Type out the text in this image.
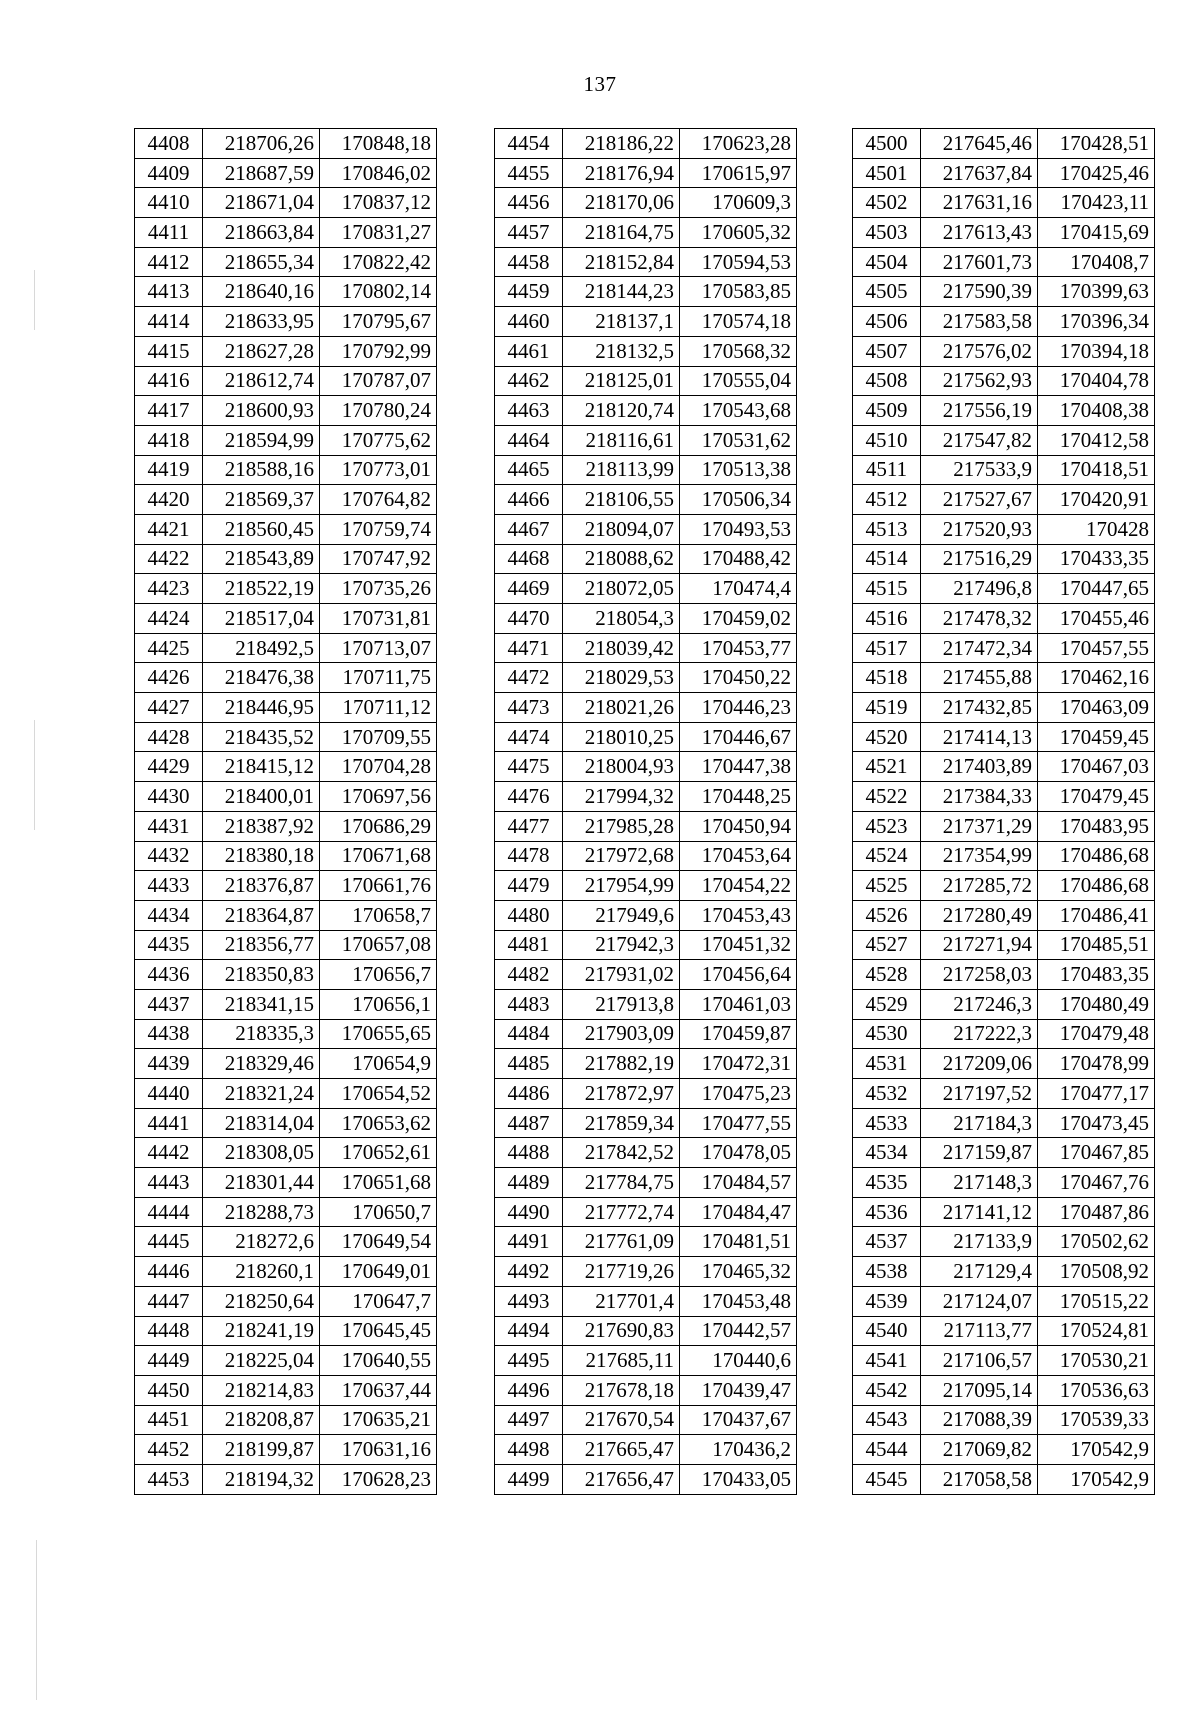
137
4408	218706,26	170848,18
4409	218687,59	170846,02
4410	218671,04	170837,12
4411	218663,84	170831,27
4412	218655,34	170822,42
4413	218640,16	170802,14
4414	218633,95	170795,67
4415	218627,28	170792,99
4416	218612,74	170787,07
4417	218600,93	170780,24
4418	218594,99	170775,62
4419	218588,16	170773,01
4420	218569,37	170764,82
4421	218560,45	170759,74
4422	218543,89	170747,92
4423	218522,19	170735,26
4424	218517,04	170731,81
4425	218492,5	170713,07
4426	218476,38	170711,75
4427	218446,95	170711,12
4428	218435,52	170709,55
4429	218415,12	170704,28
4430	218400,01	170697,56
4431	218387,92	170686,29
4432	218380,18	170671,68
4433	218376,87	170661,76
4434	218364,87	170658,7
4435	218356,77	170657,08
4436	218350,83	170656,7
4437	218341,15	170656,1
4438	218335,3	170655,65
4439	218329,46	170654,9
4440	218321,24	170654,52
4441	218314,04	170653,62
4442	218308,05	170652,61
4443	218301,44	170651,68
4444	218288,73	170650,7
4445	218272,6	170649,54
4446	218260,1	170649,01
4447	218250,64	170647,7
4448	218241,19	170645,45
4449	218225,04	170640,55
4450	218214,83	170637,44
4451	218208,87	170635,21
4452	218199,87	170631,16
4453	218194,32	170628,23
4454	218186,22	170623,28
4455	218176,94	170615,97
4456	218170,06	170609,3
4457	218164,75	170605,32
4458	218152,84	170594,53
4459	218144,23	170583,85
4460	218137,1	170574,18
4461	218132,5	170568,32
4462	218125,01	170555,04
4463	218120,74	170543,68
4464	218116,61	170531,62
4465	218113,99	170513,38
4466	218106,55	170506,34
4467	218094,07	170493,53
4468	218088,62	170488,42
4469	218072,05	170474,4
4470	218054,3	170459,02
4471	218039,42	170453,77
4472	218029,53	170450,22
4473	218021,26	170446,23
4474	218010,25	170446,67
4475	218004,93	170447,38
4476	217994,32	170448,25
4477	217985,28	170450,94
4478	217972,68	170453,64
4479	217954,99	170454,22
4480	217949,6	170453,43
4481	217942,3	170451,32
4482	217931,02	170456,64
4483	217913,8	170461,03
4484	217903,09	170459,87
4485	217882,19	170472,31
4486	217872,97	170475,23
4487	217859,34	170477,55
4488	217842,52	170478,05
4489	217784,75	170484,57
4490	217772,74	170484,47
4491	217761,09	170481,51
4492	217719,26	170465,32
4493	217701,4	170453,48
4494	217690,83	170442,57
4495	217685,11	170440,6
4496	217678,18	170439,47
4497	217670,54	170437,67
4498	217665,47	170436,2
4499	217656,47	170433,05
4500	217645,46	170428,51
4501	217637,84	170425,46
4502	217631,16	170423,11
4503	217613,43	170415,69
4504	217601,73	170408,7
4505	217590,39	170399,63
4506	217583,58	170396,34
4507	217576,02	170394,18
4508	217562,93	170404,78
4509	217556,19	170408,38
4510	217547,82	170412,58
4511	217533,9	170418,51
4512	217527,67	170420,91
4513	217520,93	170428
4514	217516,29	170433,35
4515	217496,8	170447,65
4516	217478,32	170455,46
4517	217472,34	170457,55
4518	217455,88	170462,16
4519	217432,85	170463,09
4520	217414,13	170459,45
4521	217403,89	170467,03
4522	217384,33	170479,45
4523	217371,29	170483,95
4524	217354,99	170486,68
4525	217285,72	170486,68
4526	217280,49	170486,41
4527	217271,94	170485,51
4528	217258,03	170483,35
4529	217246,3	170480,49
4530	217222,3	170479,48
4531	217209,06	170478,99
4532	217197,52	170477,17
4533	217184,3	170473,45
4534	217159,87	170467,85
4535	217148,3	170467,76
4536	217141,12	170487,86
4537	217133,9	170502,62
4538	217129,4	170508,92
4539	217124,07	170515,22
4540	217113,77	170524,81
4541	217106,57	170530,21
4542	217095,14	170536,63
4543	217088,39	170539,33
4544	217069,82	170542,9
4545	217058,58	170542,9
